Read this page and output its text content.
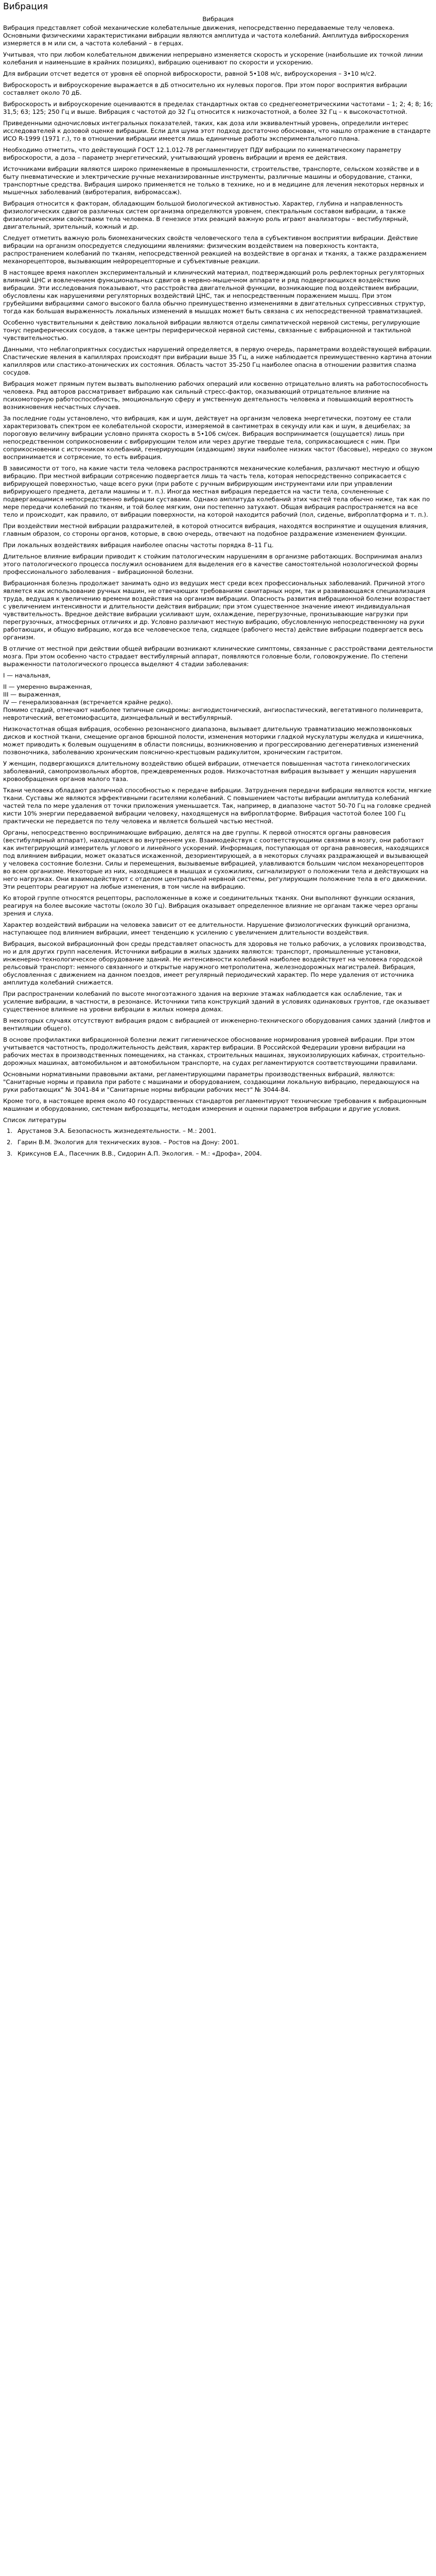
Вибрация
Вибрация

Вибрация представляет собой механические колебательные движения, непосредственно передаваемые телу человека. Основными физическими характеристиками вибрации являются амплитуда и частота колебаний. Амплитуда виброскорения измеряется в м или см, а частота колебаний – в герцах.

Учитывая, что при любом колебательном движении непрерывно изменяется скорость и ускорение (наибольшие их точкой линии колебания и наименьшие в крайних позициях), вибрацию оценивают по скорости и ускорению.

Для вибрации отсчет ведется от уровня её опорной виброскорости, равной 5•108 м/с, виброускорения – 3•10 м/с2.

Виброскорость и виброускорение выражается в дБ относительно их нулевых порогов. При этом порог восприятия вибрации составляет около 70 дБ.

Виброскорость и виброускорение оцениваются в пределах стандартных октав со среднегеометрическими частотами – 1; 2; 4; 8; 16; 31,5; 63; 125; 250 Гц и выше. Вибрация с частотой до 32 Гц относится к низкочастотной, а более 32 Гц – к высокочастотной.

Приведенными одночисловых интегральных показателей, таких, как доза или эквивалентный уровень, определили интерес исследователей к дозовой оценке вибрации. Если для шума этот подход достаточно обоснован, что нашло отражение в стандарте ИСО R-1999 (1971 г.), то в отношении вибрации имеется лишь единичные работы экспериментального плана.

Необходимо отметить, что действующий ГОСТ 12.1.012-78 регламентирует ПДУ вибрации по кинематическому параметру виброскорости, а доза – параметр энергетический, учитывающий уровень вибрации и время ее действия.

Источниками вибрации являются широко применяемые в промышленности, строительстве, транспорте, сельском хозяйстве и в быту пневматические и электрические ручные механизированные инструменты, различные машины и оборудование, станки, транспортные средства. Вибрация широко применяется не только в технике, но и в медицине для лечения некоторых нервных и мышечных заболеваний (вибротерапия, вибромассаж).

Вибрация относится к факторам, обладающим большой биологической активностью. Характер, глубина и направленность физиологических сдвигов различных систем организма определяются уровнем, спектральным составом вибрации, а также физиологическими свойствами тела человека. В генезисе этих реакций важную роль играют анализаторы – вестибулярный, двигательный, зрительный, кожный и др.

Следует отметить важную роль биомеханических свойств человеческого тела в субъективном восприятии вибрации. Действие вибрации на организм опосредуется следующими явлениями: физическим воздействием на поверхность контакта, распространением колебаний по тканям, непосредственной реакцией на воздействие в органах и тканях, а также раздражением механорецепторов, вызывающим нейрорецепторные и субъективные реакции.

В настоящее время накоплен экспериментальный и клинический материал, подтверждающий роль рефлекторных регуляторных влияний ЦНС и вовлечением функциональных сдвигов в нервно-мышечном аппарате и ряд подвергающихся воздействию вибрации. Эти исследования показывают, что расстройства двигательной функции, возникающие под воздействием вибрации, обусловлены как нарушениями регуляторных воздействий ЦНС, так и непосредственным поражением мышц. При этом грубейшими вибрациями самого высокого балла обычно преимущественно изменениями в двигательных супрессивных структур, тогда как большая выраженность локальных изменений в мышцах может быть связана с их непосредственной травматизацией.

Особенно чувствительными к действию локальной вибрации являются отделы симпатической нервной системы, регулирующие тонус периферических сосудов, а также центры периферической нервной системы, связанные с вибрационной и тактильной чувствительностью.

Данными, что неблагоприятных сосудистых нарушений определяется, в первую очередь, параметрами воздействующей вибрации. Спастические явления в капиллярах происходят при вибрации выше 35 Гц, а ниже наблюдается преимущественно картина атонии капилляров или спастико-атонических их состояния. Область частот 35-250 Гц наиболее опасна в отношении развития спазма сосудов.

Вибрация может прямым путем вызвать выполнению рабочих операций или косвенно отрицательно влиять на работоспособность человека. Ряд авторов рассматривает вибрацию как сильный стресс-фактор, оказывающий отрицательное влияние на психомоторную работоспособность, эмоциональную сферу и умственную деятельность человека и повышающий вероятность возникновения несчастных случаев.

За последние годы установлено, что вибрация, как и шум, действует на организм человека энергетически, поэтому ее стали характеризовать спектром ее колебательной скорости, измеряемой в сантиметрах в секунду или как и шум, в децибелах; за пороговую величину вибрации условно принята скорость в 5•106 см/сек. Вибрация воспринимается (ощущается) лишь при непосредственном соприкосновении с вибрирующим телом или через другие твердые тела, соприкасающиеся с ним. При соприкосновении с источником колебаний, генерирующим (издающим) звуки наиболее низких частот (басовые), нередко со звуком воспринимается и сотрясение, то есть вибрация.

В зависимости от того, на какие части тела человека распространяются механические колебания, различают местную и общую вибрацию. При местной вибрации сотрясению подвергается лишь та часть тела, которая непосредственно соприкасается с вибрирующей поверхностью, чаще всего руки (при работе с ручным вибрирующим инструментами или при управлении вибрирующего предмета, детали машины и т. п.). Иногда местная вибрация передается на части тела, сочлененные с подвергающимися непосредственно вибрации суставами. Однако амплитуда колебаний этих частей тела обычно ниже, так как по мере передачи колебаний по тканям, и той более мягким, они постепенно затухают. Общая вибрация распространяется на все тело и происходит, как правило, от вибрации поверхности, на которой находится рабочий (пол, сиденье, виброплатформа и т. п.).

При воздействии местной вибрации раздражителей, в которой относится вибрация, находятся воспринятие и ощущения влияния, главным образом, со стороны органов, которые, в свою очередь, отвечают на подобное раздражение изменением функции.

При локальных воздействиях вибрация наиболее опасны частоты порядка 8–11 Гц.

Длительное влияние вибрации приводит к стойким патологическим нарушениям в организме работающих. Воспринимая анализ этого патологического процесса послужил основанием для выделения его в качестве самостоятельной нозологической формы профессионального заболевания – вибрационной болезни.

Вибрационная болезнь продолжает занимать одно из ведущих мест среди всех профессиональных заболеваний. Причиной этого является как использование ручных машин, не отвечающих требованиям санитарных норм, так и развивающаяся специализация труда, ведущая к увеличению времени воздействия на организм вибрации. Опасность развития вибрационной болезни возрастает с увеличением интенсивности и длительности действия вибрации; при этом существенное значение имеют индивидуальная чувствительность. Вредное действие вибрации усиливают шум, охлаждение, перегрузочные, пронизывающие нагрузки при перегрузочных, атмосферных отличиях и др. Условно различают местную вибрацию, обусловленную непосредственному на руки работающих, и общую вибрацию, когда все человеческое тела, сидящее (рабочего места) действие вибрации подвергается весь организм.

В отличие от местной при действии общей вибрации возникают клинические симптомы, связанные с расстройствами деятельности мозга. При этом особенно часто страдает вестибулярный аппарат, появляются головные боли, головокружение. По степени выраженности патологического процесса выделяют 4 стадии заболевания:

I — начальная,

II — умеренно выраженная,

III — выраженная,

IV — генерализованная (встречается крайне редко).

Помимо стадий, отмечают наиболее типичные синдромы: ангиодистонический, ангиоспастический, вегетативного полиневрита, невротический, вегетомиофасцита, диэнцефальный и вестибулярный.

Низкочастотная общая вибрация, особенно резонансного диапазона, вызывает длительную травматизацию межпозвонковых дисков и костной ткани, смещение органов брюшной полости, изменения моторики гладкой мускулатуры желудка и кишечника, может приводить к болевым ощущениям в области поясницы, возникновению и прогрессированию дегенеративных изменений позвоночника, заболеванию хроническим пояснично-крестцовым радикулитом, хроническим гастритом.

У женщин, подвергающихся длительному воздействию общей вибрации, отмечается повышенная частота гинекологических заболеваний, самопроизвольных абортов, преждевременных родов. Низкочастотная вибрация вызывает у женщин нарушения кровообращения органов малого таза.

Ткани человека обладают различной способностью к передаче вибрации. Затруднения передачи вибрации являются кости, мягкие ткани. Суставы же являются эффективными гасителями колебаний. С повышением частоты вибрации амплитуда колебаний частей тела по мере удаления от точки приложения уменьшается. Так, например, в диапазоне частот 50-70 Гц на головке средней кисти 10% энергии передаваемой вибрации человеку, находящемуся на виброплатформе. Вибрация частотой более 100 Гц практически не передается по телу человека и является большей частью местной.

Органы, непосредственно воспринимающие вибрацию, делятся на две группы. К первой относятся органы равновесия (вестибулярный аппарат), находящиеся во внутреннем ухе. Взаимодействуя с соответствующими связями в мозгу, они работают как интегрирующий измеритель углового и линейного ускорений. Информация, поступающая от органа равновесия, находящихся под влиянием вибрации, может оказаться искаженной, дезориентирующей, а в некоторых случаях раздражающей и вызывающей у человека состояние болезни. Силы и перемещения, вызываемые вибрацией, улавливаются большим числом механорецепторов во всем организме. Некоторые из них, находящиеся в мышцах и сухожилиях, сигнализируют о положении тела и действующих на него нагрузках. Они взаимодействуют с отделом центральной нервной системы, регулирующим положение тела в его движении. Эти рецепторы реагируют на любые изменения, в том числе на вибрацию.

Ко второй группе относятся рецепторы, расположенные в коже и соединительных тканях. Они выполняют функции осязания, реагируя на более высокие частоты (около 30 Гц). Вибрация оказывает определенное влияние не органам также через органы зрения и слуха.

Характер воздействий вибрации на человека зависит от ее длительности. Нарушение физиологических функций организма, наступающее под влиянием вибрации, имеет тенденцию к усилению с увеличением длительности воздействия.

Вибрация, высокой вибрационный фон среды представляет опасность для здоровья не только рабочих, а условиях производства, но и для других групп населения. Источники вибрации в жилых зданиях являются: транспорт, промышленные установки, инженерно-технологическое оборудование зданий. Не интенсивности колебаний наиболее воздействует на человека городской рельсовый транспорт: немного связанного и открытые наружного метрополитена, железнодорожных магистралей. Вибрация, обусловленная с движением на данном поездов, имеет регулярный периодический характер. По мере удаления от источника амплитуда колебаний снижается.

При распространении колебаний по высоте многоэтажного здания на верхние этажах наблюдается как ослабление, так и усиление вибрации, в частности, в резонансе. Источники типа конструкций зданий в условиях одинаковых грунтов, где оказывает существенное влияние на уровни вибрации в жилых номера домах.

В некоторых случаях отсутствуют вибрация рядом с вибрацией от инженерно-технического оборудования самих зданий (лифтов и вентиляции общего).

В основе профилактики вибрационной болезни лежит гигиеническое обоснование нормирования уровней вибрации. При этом учитывается частотность, продолжительность действия, характер вибрации. В Российской Федерации уровни вибрации на рабочих местах в производственных помещениях, на станках, строительных машинах, звукоизолирующих кабинах, строительно-дорожных машинах, автомобильном и автомобильном транспорте, на судах регламентируются соответствующими правилами.

Основными нормативными правовыми актами, регламентирующими параметры производственных вибраций, являются: "Санитарные нормы и правила при работе с машинами и оборудованием, создающими локальную вибрацию, передающуюся на руки работающих" № 3041-84 и "Санитарные нормы вибрации рабочих мест" № 3044-84.

Кроме того, в настоящее время около 40 государственных стандартов регламентируют технические требования к вибрационным машинам и оборудованию, системам виброзащиты, методам измерения и оценки параметров вибрации и другие условия.

Список литературы
1. Арустамов Э.А. Безопасность жизнедеятельности. – М.: 2001.
2. Гарин В.М. Экология для технических вузов. – Ростов на Дону: 2001.
3. Криксунов Е.А., Пасечник В.В., Сидорин А.П. Экология. – М.: «Дрофа», 2004.
